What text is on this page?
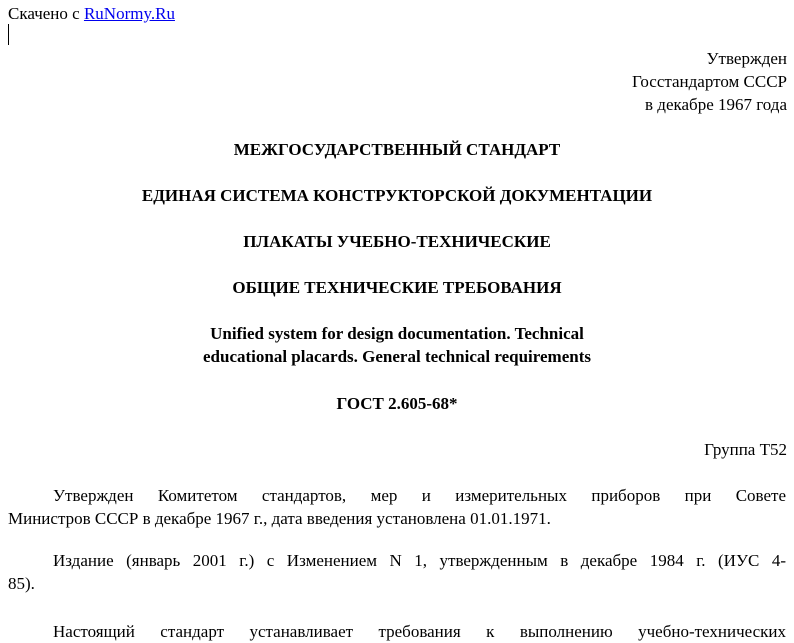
Скачено с RuNormy.Ru
Утвержден
Госстандартом СССР
в декабре 1967 года
МЕЖГОСУДАРСТВЕННЫЙ СТАНДАРТ
ЕДИНАЯ СИСТЕМА КОНСТРУКТОРСКОЙ ДОКУМЕНТАЦИИ
ПЛАКАТЫ УЧЕБНО-ТЕХНИЧЕСКИЕ
ОБЩИЕ ТЕХНИЧЕСКИЕ ТРЕБОВАНИЯ
Unified system for design documentation. Technical
educational placards. General technical requirements
ГОСТ 2.605-68*
Группа Т52
Утвержден Комитетом стандартов, мер и измерительных приборов при Совете
Министров СССР в декабре 1967 г., дата введения установлена 01.01.1971.
Издание (январь 2001 г.) с Изменением N 1, утвержденным в декабре 1984 г. (ИУС 4-
85).
Настоящий стандарт устанавливает требования к выполнению учебно-технических
